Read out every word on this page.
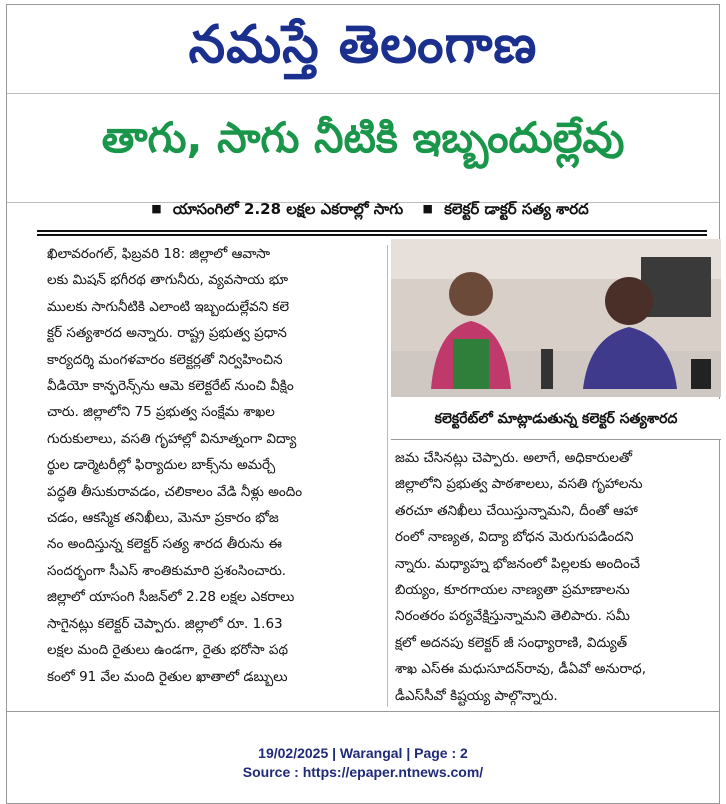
నమస్తే తెలంగాణ
తాగు, సాగు నీటికి ఇబ్బందుల్లేవు
■ యాసంగిలో 2.28 లక్షల ఎకరాల్లో సాగు ■ కలెక్టర్ డాక్టర్ సత్య శారద

ఖిలావరంగల్, ఫిబ్రవరి 18: జిల్లాలో ఆవాసా

లకు మిషన్ భగీరథ తాగునీరు, వ్యవసాయ భూ

ములకు సాగునీటికి ఎలాంటి ఇబ్బందుల్లేవని కలె

క్టర్ సత్యశారద అన్నారు. రాష్ట్ర ప్రభుత్వ ప్రధాన

కార్యదర్శి మంగళవారం కలెక్టర్లతో నిర్వహించిన

వీడియో కాన్ఫరెన్స్‌ను ఆమె కలెక్టరేట్ నుంచి వీక్షిం

చారు. జిల్లాలోని 75 ప్రభుత్వ సంక్షేమ శాఖల

గురుకులాలు, వసతి గృహాల్లో వినూత్నంగా విద్యా

ర్థుల డార్మెటరీల్లో ఫిర్యాదుల బాక్స్‌ను అమర్చే

పద్ధతి తీసుకురావడం, చలికాలం వేడి నీళ్లు అందిం

చడం, ఆకస్మిక తనిఖీలు, మెనూ ప్రకారం భోజ

నం అందిస్తున్న కలెక్టర్ సత్య శారద తీరును ఈ

సందర్భంగా సీఎస్ శాంతికుమారి ప్రశంసించారు.

జిల్లాలో యాసంగి సీజన్‌లో 2.28 లక్షల ఎకరాలు

సాగైనట్లు కలెక్టర్ చెప్పారు. జిల్లాలో రూ. 1.63

లక్షల మంది రైతులు ఉండగా, రైతు భరోసా పథ

కంలో 91 వేల మంది రైతుల ఖాతాలో డబ్బులు

కలెక్టరేట్‌లో మాట్లాడుతున్న కలెక్టర్ సత్యశారద

జమ చేసినట్లు చెప్పారు. అలాగే, అధికారులతో

జిల్లాలోని ప్రభుత్వ పాఠశాలలు, వసతి గృహాలను

తరచూ తనిఖీలు చేయిస్తున్నామని, దీంతో ఆహా

రంలో నాణ్యత, విద్యా బోధన మెరుగుపడిందని

న్నారు. మధ్యాహ్న భోజనంలో పిల్లలకు అందించే

బియ్యం, కూరగాయల నాణ్యతా ప్రమాణాలను

నిరంతరం పర్యవేక్షిస్తున్నామని తెలిపారు. సమీ

క్షలో అదనపు కలెక్టర్ జీ సంధ్యారాణి, విద్యుత్

శాఖ ఎస్ఈ మధుసూదన్‌రావు, డీఏవో అనురాధ,

డీఎస్‌సీవో కిష్టయ్య పాల్గొన్నారు.

19/02/2025 | Warangal | Page : 2
Source : https://epaper.ntnews.com/
